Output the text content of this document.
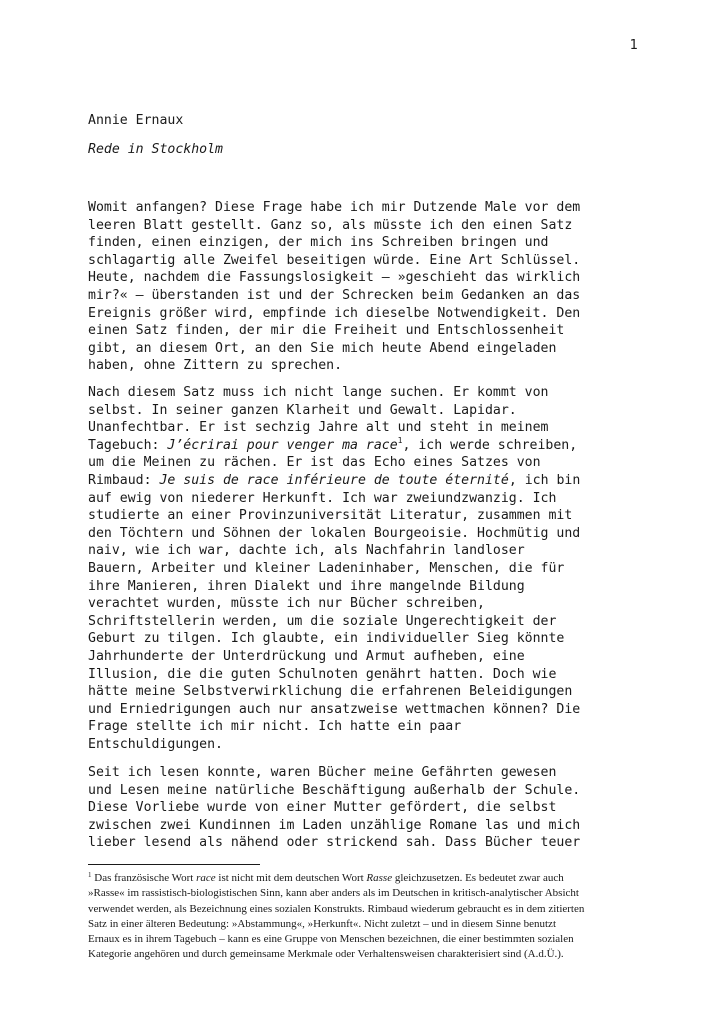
1
Annie Ernaux
Rede in Stockholm
Womit anfangen? Diese Frage habe ich mir Dutzende Male vor dem
leeren Blatt gestellt. Ganz so, als müsste ich den einen Satz
finden, einen einzigen, der mich ins Schreiben bringen und
schlagartig alle Zweifel beseitigen würde. Eine Art Schlüssel.
Heute, nachdem die Fassungslosigkeit – »geschieht das wirklich
mir?« – überstanden ist und der Schrecken beim Gedanken an das
Ereignis größer wird, empfinde ich dieselbe Notwendigkeit. Den
einen Satz finden, der mir die Freiheit und Entschlossenheit
gibt, an diesem Ort, an den Sie mich heute Abend eingeladen
haben, ohne Zittern zu sprechen.
Nach diesem Satz muss ich nicht lange suchen. Er kommt von
selbst. In seiner ganzen Klarheit und Gewalt. Lapidar.
Unanfechtbar. Er ist sechzig Jahre alt und steht in meinem
Tagebuch: J’écrirai pour venger ma race$^1$, ich werde schreiben,
um die Meinen zu rächen. Er ist das Echo eines Satzes von
Rimbaud: Je suis de race inférieure de toute éternité, ich bin
auf ewig von niederer Herkunft. Ich war zweiundzwanzig. Ich
studierte an einer Provinzuniversität Literatur, zusammen mit
den Töchtern und Söhnen der lokalen Bourgeoisie. Hochmütig und
naiv, wie ich war, dachte ich, als Nachfahrin landloser
Bauern, Arbeiter und kleiner Ladeninhaber, Menschen, die für
ihre Manieren, ihren Dialekt und ihre mangelnde Bildung
verachtet wurden, müsste ich nur Bücher schreiben,
Schriftstellerin werden, um die soziale Ungerechtigkeit der
Geburt zu tilgen. Ich glaubte, ein individueller Sieg könnte
Jahrhunderte der Unterdrückung und Armut aufheben, eine
Illusion, die die guten Schulnoten genährt hatten. Doch wie
hätte meine Selbstverwirklichung die erfahrenen Beleidigungen
und Erniedrigungen auch nur ansatzweise wettmachen können? Die
Frage stellte ich mir nicht. Ich hatte ein paar
Entschuldigungen.
Seit ich lesen konnte, waren Bücher meine Gefährten gewesen
und Lesen meine natürliche Beschäftigung außerhalb der Schule.
Diese Vorliebe wurde von einer Mutter gefördert, die selbst
zwischen zwei Kundinnen im Laden unzählige Romane las und mich
lieber lesend als nähend oder strickend sah. Dass Bücher teuer
$^1$ Das französische Wort race ist nicht mit dem deutschen Wort Rasse gleichzusetzen. Es bedeutet zwar auch
»Rasse« im rassistisch-biologistischen Sinn, kann aber anders als im Deutschen in kritisch-analytischer Absicht
verwendet werden, als Bezeichnung eines sozialen Konstrukts. Rimbaud wiederum gebraucht es in dem zitierten
Satz in einer älteren Bedeutung: »Abstammung«, »Herkunft«. Nicht zuletzt – und in diesem Sinne benutzt
Ernaux es in ihrem Tagebuch – kann es eine Gruppe von Menschen bezeichnen, die einer bestimmten sozialen
Kategorie angehören und durch gemeinsame Merkmale oder Verhaltensweisen charakterisiert sind (A.d.Ü.).
